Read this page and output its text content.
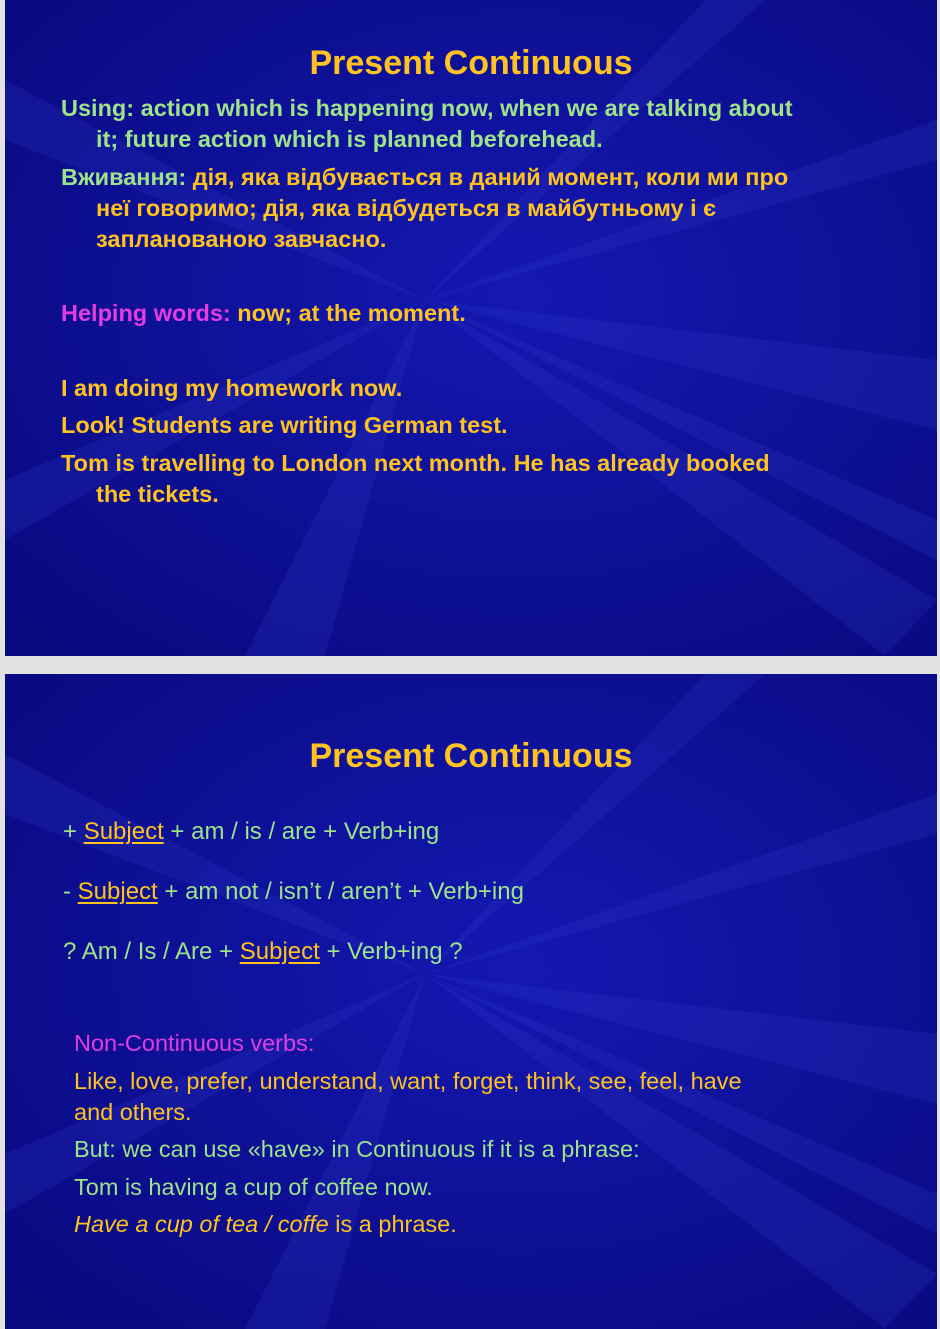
Present Continuous

Using: action which is happening now, when we are talking about
it; future action which is planned beforehead.
Вживання: дія, яка відбувається в даний момент, коли ми про
неї говоримо; дія, яка відбудеться в майбутньому і є
запланованою завчасно.
Helping words: now; at the moment.
I am doing my homework now.
Look! Students are writing German test.
Tom is travelling to London next month. He has already booked
the tickets.

Present Continuous

+ Subject + am / is / are + Verb+ing
- Subject + am not / isn’t / aren’t + Verb+ing
? Am / Is / Are + Subject + Verb+ing ?
Non-Continuous verbs:
Like, love, prefer, understand, want, forget, think, see, feel, have
and others.
But: we can use «have» in Continuous if it is a phrase:
Tom is having a cup of coffee now.
Have a cup of tea / coffe is a phrase.
